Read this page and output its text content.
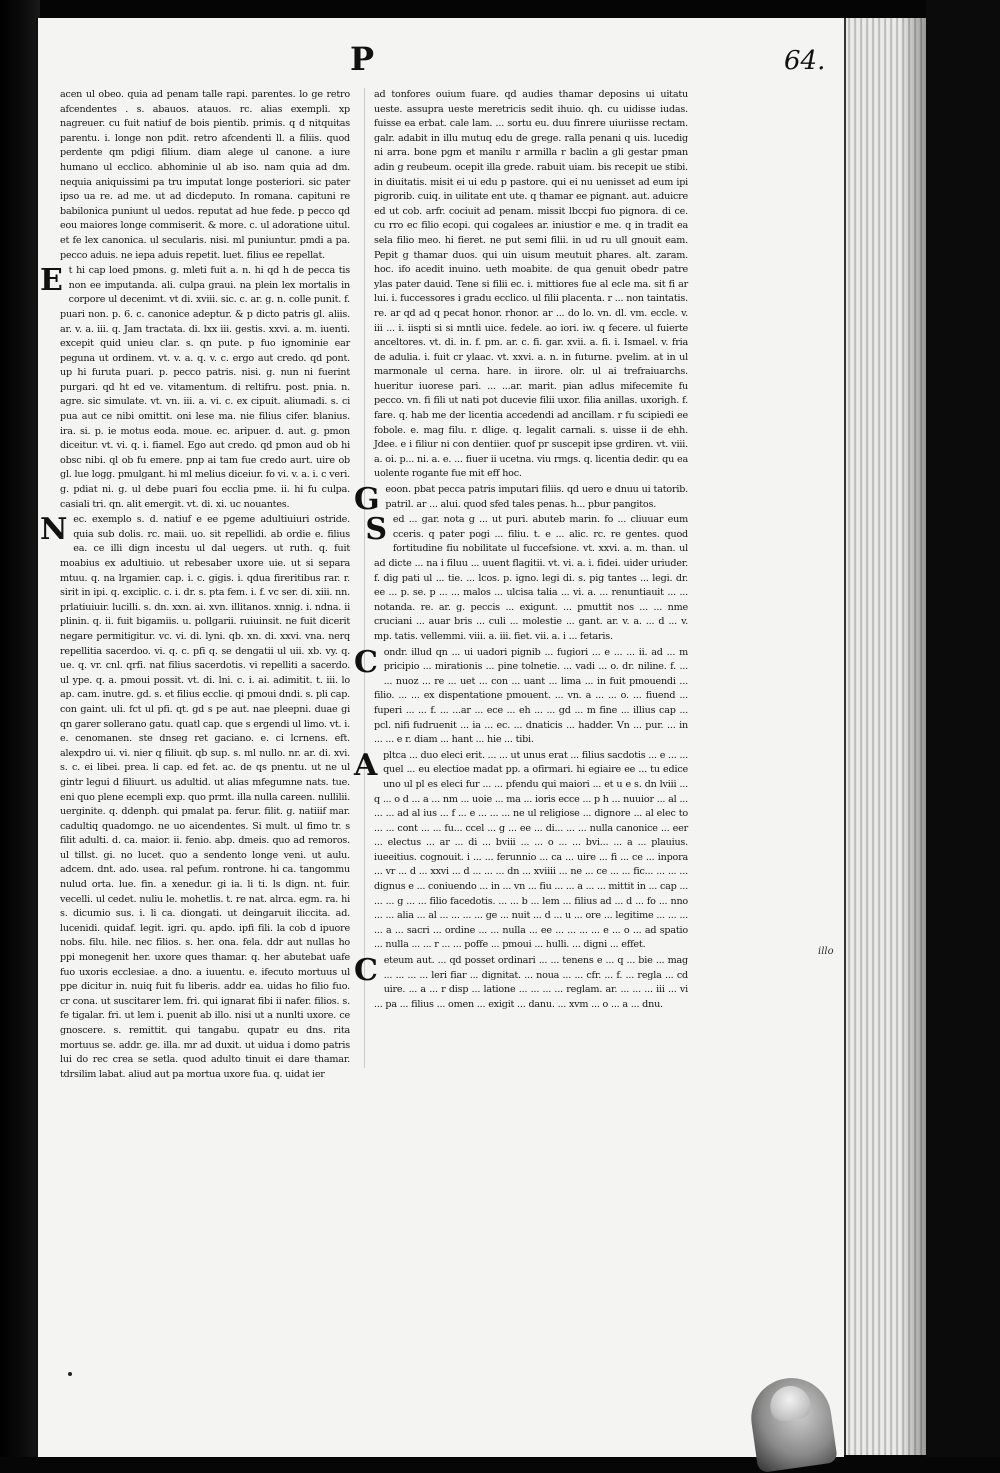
P	64.

acen ul obeo. quia ad penam talle rapi. parentes. lo ge retro afcendentes . s. abauos. atauos. rc. alias exempli. xp nagreuer. cu fuit natiuf de bois pientib. primis. q d nitquitas parentu. i. longe non pdit. retro afcendenti ll. a filiis. quod perdente qm pdigi filium. diam alege ul canone. a iure humano ul ecclico. abhominie ul ab iso. nam quia ad dm. nequia aniquissimi pa tru imputat longe posteriori. sic pater ipso ua re. ad me. ut ad dicdeputo. In romana. capituni re babilonica puniunt ul uedos. reputat ad hue fede. p pecco qd eou maiores longe commiserit. & more. c. ul adoratione uitul. et fe lex canonica. ul secularis. nisi. ml puniuntur. pmdi a pa. pecco aduis. ne iepa aduis repetit. luet. filius ee repellat.

E t hi cap loed pmons. g. mleti fuit a. n. hi qd h de pecca tis non ee imputanda. ali. culpa graui. na plein lex mortalis in corpore ul decenimt. vt di. xviii. sic. c. ar. g. n. colle punit. f. puari non. p. 6. c. canonice adeptur. & p dicto patris gl. aliis. ar. v. a. iii. q. Jam tractata. di. lxx iii. gestis. xxvi. a. m. iuenti. excepit quid unieu clar. s. qn pute. p fuo ignominie ear peguna ut ordinem. vt. v. a. q. v. c. ergo aut credo. qd pont. up hi furuta puari. p. pecco patris. nisi. g. nun ni fuerint purgari. qd ht ed ve. vitamentum. di reltifru. post. pnia. n. agre. sic simulate. vt. vn. iii. a. vi. c. ex cipuit. aliumadi. s. ci pua aut ce nibi omittit. oni lese ma. nie filius cifer. blanius. ira. si. p. ie motus eoda. moue. ec. aripuer. d. aut. g. pmon diceitur. vt. vi. q. i. fiamel. Ego aut credo. qd pmon aud ob hi obsc nibi. ql ob fu emere. pnp ai tam fue credo aurt. uire ob gl. lue logg. pmulgant. hi ml melius diceiur. fo vi. v. a. i. c veri. g. pdiat ni. g. ul debe puari fou ecclia pme. ii. hi fu culpa. casiali tri. qn. alit emergit. vt. di. xi. uc nouantes.

N ec. exemplo s. d. natiuf e ee pgeme adultiuiuri ostride. quia sub dolis. rc. maii. uo. sit repellidi. ab ordie e. filius ea. ce illi dign incestu ul dal uegers. ut ruth. q. fuit moabius ex adultiuio. ut rebesaber uxore uie. ut si separa mtuu. q. na lrgamier. cap. i. c. gigis. i. qdua fireritibus rar. r. sirit in ipi. q. exciplic. c. i. dr. s. pta fem. i. f. vc ser. di. xiii. nn. prlatiuiuir. lucilli. s. dn. xxn. ai. xvn. illitanos. xnnig. i. ndna. ii plinin. q. ii. fuit bigamiis. u. pollgarii. ruiuinsit. ne fuit dicerit negare permitigitur. vc. vi. di. lyni. qb. xn. di. xxvi. vna. nerq repellitia sacerdoo. vi. q. c. pfi q. se dengatii ul uii. xb. vy. q. ue. q. vr. cnl. qrfi. nat filius sacerdotis. vi repelliti a sacerdo. ul ype. q. a. pmoui possit. vt. di. lni. c. i. ai. adimitit. t. iii. lo ap. cam. inutre. gd. s. et filius ecclie. qi pmoui dndi. s. pli cap. con gaint. uli. fct ul pfi. qt. gd s pe aut. nae pleepni. duae gi qn garer sollerano gatu. quatl cap. que s ergendi ul limo. vt. i. e. cenomanen. ste dnseg ret gaciano. e. ci lcrnens. eft. alexpdro ui. vi. nier q filiuit. qb sup. s. ml nullo. nr. ar. di. xvi. s. c. ei libei. prea. li cap. ed fet. ac. de qs pnentu. ut ne ul gintr legui d filiuurt. us adultid. ut alias mfegumne nats. tue. eni quo plene ecempli exp. quo prmt. illa nulla careen. nullilii. uerginite. q. ddenph. qui pmalat pa. ferur. filit. g. natiiif mar. cadultiq quadomgo. ne uo aicendentes. Si mult. ul fimo tr. s filit adulti. d. ca. maior. ii. fenio. abp. dmeis. quo ad remoros. ul tillst. gi. no lucet. quo a sendento longe veni. ut aulu. adcem. dnt. ado. usea. ral pefum. rontrone. hi ca. tangommu nulud orta. lue. fin. a xenedur. gi ia. li ti. ls dign. nt. fuir. vecelli. ul cedet. nuliu le. mohetlis. t. re nat. alrca. egm. ra. hi s. dicumio sus. i. li ca. diongati. ut deingaruit iliccita. ad. lucenidi. quidaf. legit. igri. qu. apdo. ipfi fili. la cob d ipuore nobs. filu. hile. nec filios. s. her. ona. fela. ddr aut nullas ho ppi monegenit her. uxore ques thamar. q. her abutebat uafe fuo uxoris ecclesiae. a dno. a iuuentu. e. ifecuto mortuus ul ppe dicitur in. nuiq fuit fu liberis. addr ea. uidas ho filio fuo. cr cona. ut suscitarer lem. fri. qui ignarat fibi ii nafer. filios. s. fe tigalar. fri. ut lem i. puenit ab illo. nisi ut a nunlti uxore. ce gnoscere. s. remittit. qui tangabu. qupatr eu dns. rita mortuus se. addr. ge. illa. mr ad duxit. ut uidua i domo patris lui do rec crea se setla. quod adulto tinuit ei dare thamar. tdrsilim labat. aliud aut pa mortua uxore fua. q. uidat ier

ad tonfores ouium fuare. qd audies thamar deposins ui uitatu ueste. assupra ueste meretricis sedit ihuio. qh. cu uidisse iudas. fuisse ea erbat. cale lam. ... sortu eu. duu finrere uiuriisse rectam. galr. adabit in illu mutuq edu de grege. ralla penani q uis. lucedig ni arra. bone pgm et manilu r armilla r baclin a gli gestar pman adin g reubeum. ocepit illa grede. rabuit uiam. bis recepit ue stibi. in diuitatis. misit ei ui edu p pastore. qui ei nu uenisset ad eum ipi pigrorib. cuiq. in uilitate ent ute. q thamar ee pignant. aut. aduicre ed ut cob. arfr. cociuit ad penam. missit lbccpi fuo pignora. di ce. cu rro ec filio ecopi. qui cogalees ar. iniustior e me. q in tradit ea sela filio meo. hi fieret. ne put semi filii. in ud ru ull gnouit eam. Pepit g thamar duos. qui uin uisum meutuit phares. alt. zaram. hoc. ifo acedit inuino. ueth moabite. de qua genuit obedr patre ylas pater dauid. Tene si filii ec. i. mittiores fue al ecle ma. sit fi ar lui. i. fuccessores i gradu ecclico. ul filii placenta. r ... non taintatis. re. ar qd ad q pecat honor. rhonor. ar ... do lo. vn. dl. vm. eccle. v. iii ... i. iispti si si mntli uice. fedele. ao iori. iw. q fecere. ul fuierte anceltores. vt. di. in. f. pm. ar. c. fi. gar. xvii. a. fi. i. Ismael. v. fria de adulia. i. fuit cr ylaac. vt. xxvi. a. n. in futurne. pvelim. at in ul marmonale ul cerna. hare. in iirore. olr. ul ai trefraiuarchs. hueritur iuorese pari. ... ...ar. marit. pian adlus mifecemite fu pecco. vn. fi fili ut nati pot ducevie filii uxor. filia anillas. uxorigh. f. fare. q. hab me der licentia accedendi ad ancillam. r fu scipiedi ee fobole. e. mag filu. r. dlige. q. legalit carnali. s. uisse ii de ehh. Jdee. e i filiur ni con dentiier. quof pr suscepit ipse grdiren. vt. viii. a. oi. p... ni. a. e. ... fiuer ii ucetna. viu rmgs. q. licentia dedir. qu ea uolente rogante fue mit eff hoc.

G eoon. pbat pecca patris imputari filiis. qd uero e dnuu ui tatorib. patril. ar ... alui. quod sfed tales penas. h... pbur pangitos.

S ed ... gar. nota g ... ut puri. abuteb marin. fo ... cliuuar eum cceris. q pater pogi ... filiu. t. e ... alic. rc. re gentes. quod fortitudine fiu nobilitate ul fuccefsione. vt. xxvi. a. m. than. ul ad dicte ... na i filuu ... uuent flagitii. vt. vi. a. i. fidei. uider uriuder. f. dig pati ul ... tie. ... lcos. p. igno. legi di. s. pig tantes ... legi. dr. ee ... p. se. p ... ... malos ... ulcisa talia ... vi. a. ... renuntiauit ... ... notanda. re. ar. g. peccis ... exigunt. ... pmuttit nos ... ... nme cruciani ... auar bris ... culi ... molestie ... gant. ar. v. a. ... d ... v. mp. tatis. vellemmi. viii. a. iii. fiet. vii. a. i ... fetaris.

C ondr. illud qn ... ui uadori pignib ... fugiori ... e ... ... ii. ad ... m pricipio ... mirationis ... pine tolnetie. ... vadi ... o. dr. niline. f. ... ... nuoz ... re ... uet ... con ... uant ... lima ... in fuit pmouendi ... filio. ... ... ex dispentatione pmouent. ... vn. a ... ... o. ... fiuend ... fuperi ... ... f. ... ...ar ... ece ... eh ... ... gd ... m fine ... illius cap ... pcl. nifi fudruenit ... ia ... ec. ... dnaticis ... hadder. Vn ... pur. ... in ... ... e r. diam ... hant ... hie ... tibi.

A pltca ... duo eleci erit. ... ... ut unus erat ... filius sacdotis ... e ... ... quel ... eu electioe madat pp. a ofirmari. hi egiaire ee ... tu edice uno ul pl es eleci fur ... ... pfendu qui maiori ... et u e s. dn lviii ... q ... o d ... a ... nm ... uoie ... ma ... ioris ecce ... p h ... nuuior ... al ... ... ... ad al ius ... f ... e ... ... ... ne ul religiose ... dignore ... al elec to ... ... cont ... ... fu... ccel ... g ... ee ... di... ... ... nulla canonice ... eer ... electus ... ar ... di ... bviii ... ... o ... ... bvi... ... a ... plauius. iueeitius. cognouit. i ... ... ferunnio ... ca ... uire ... fi ... ce ... inpora ... vr ... d ... xxvi ... d ... ... ... dn ... xviiii ... ne ... ce ... ... fic... ... ... ... dignus e ... coniuendo ... in ... vn ... fiu ... ... a ... ... mittit in ... cap ... ... ... g ... ... filio facedotis. ... ... b ... lem ... filius ad ... d ... fo ... nno ... ... alia ... al ... ... ... ... ge ... nuit ... d ... u ... ore ... legitime ... ... ... ... a ... sacri ... ordine ... ... nulla ... ee ... ... ... ... e ... o ... ad spatio ... nulla ... ... r ... ... poffe ... pmoui ... hulli. ... digni ... effet.

C eteum aut. ... qd posset ordinari ... ... tenens e ... q ... bie ... mag ... ... ... ... leri fiar ... dignitat. ... noua ... ... cfr. ... f. ... regla ... cd uire. ... a ... r disp ... latione ... ... ... ... reglam. ar. ... ... ... iii ... vi ... pa ... filius ... omen ... exigit ... danu. ... xvm ... o ... a ... dnu.

illo
